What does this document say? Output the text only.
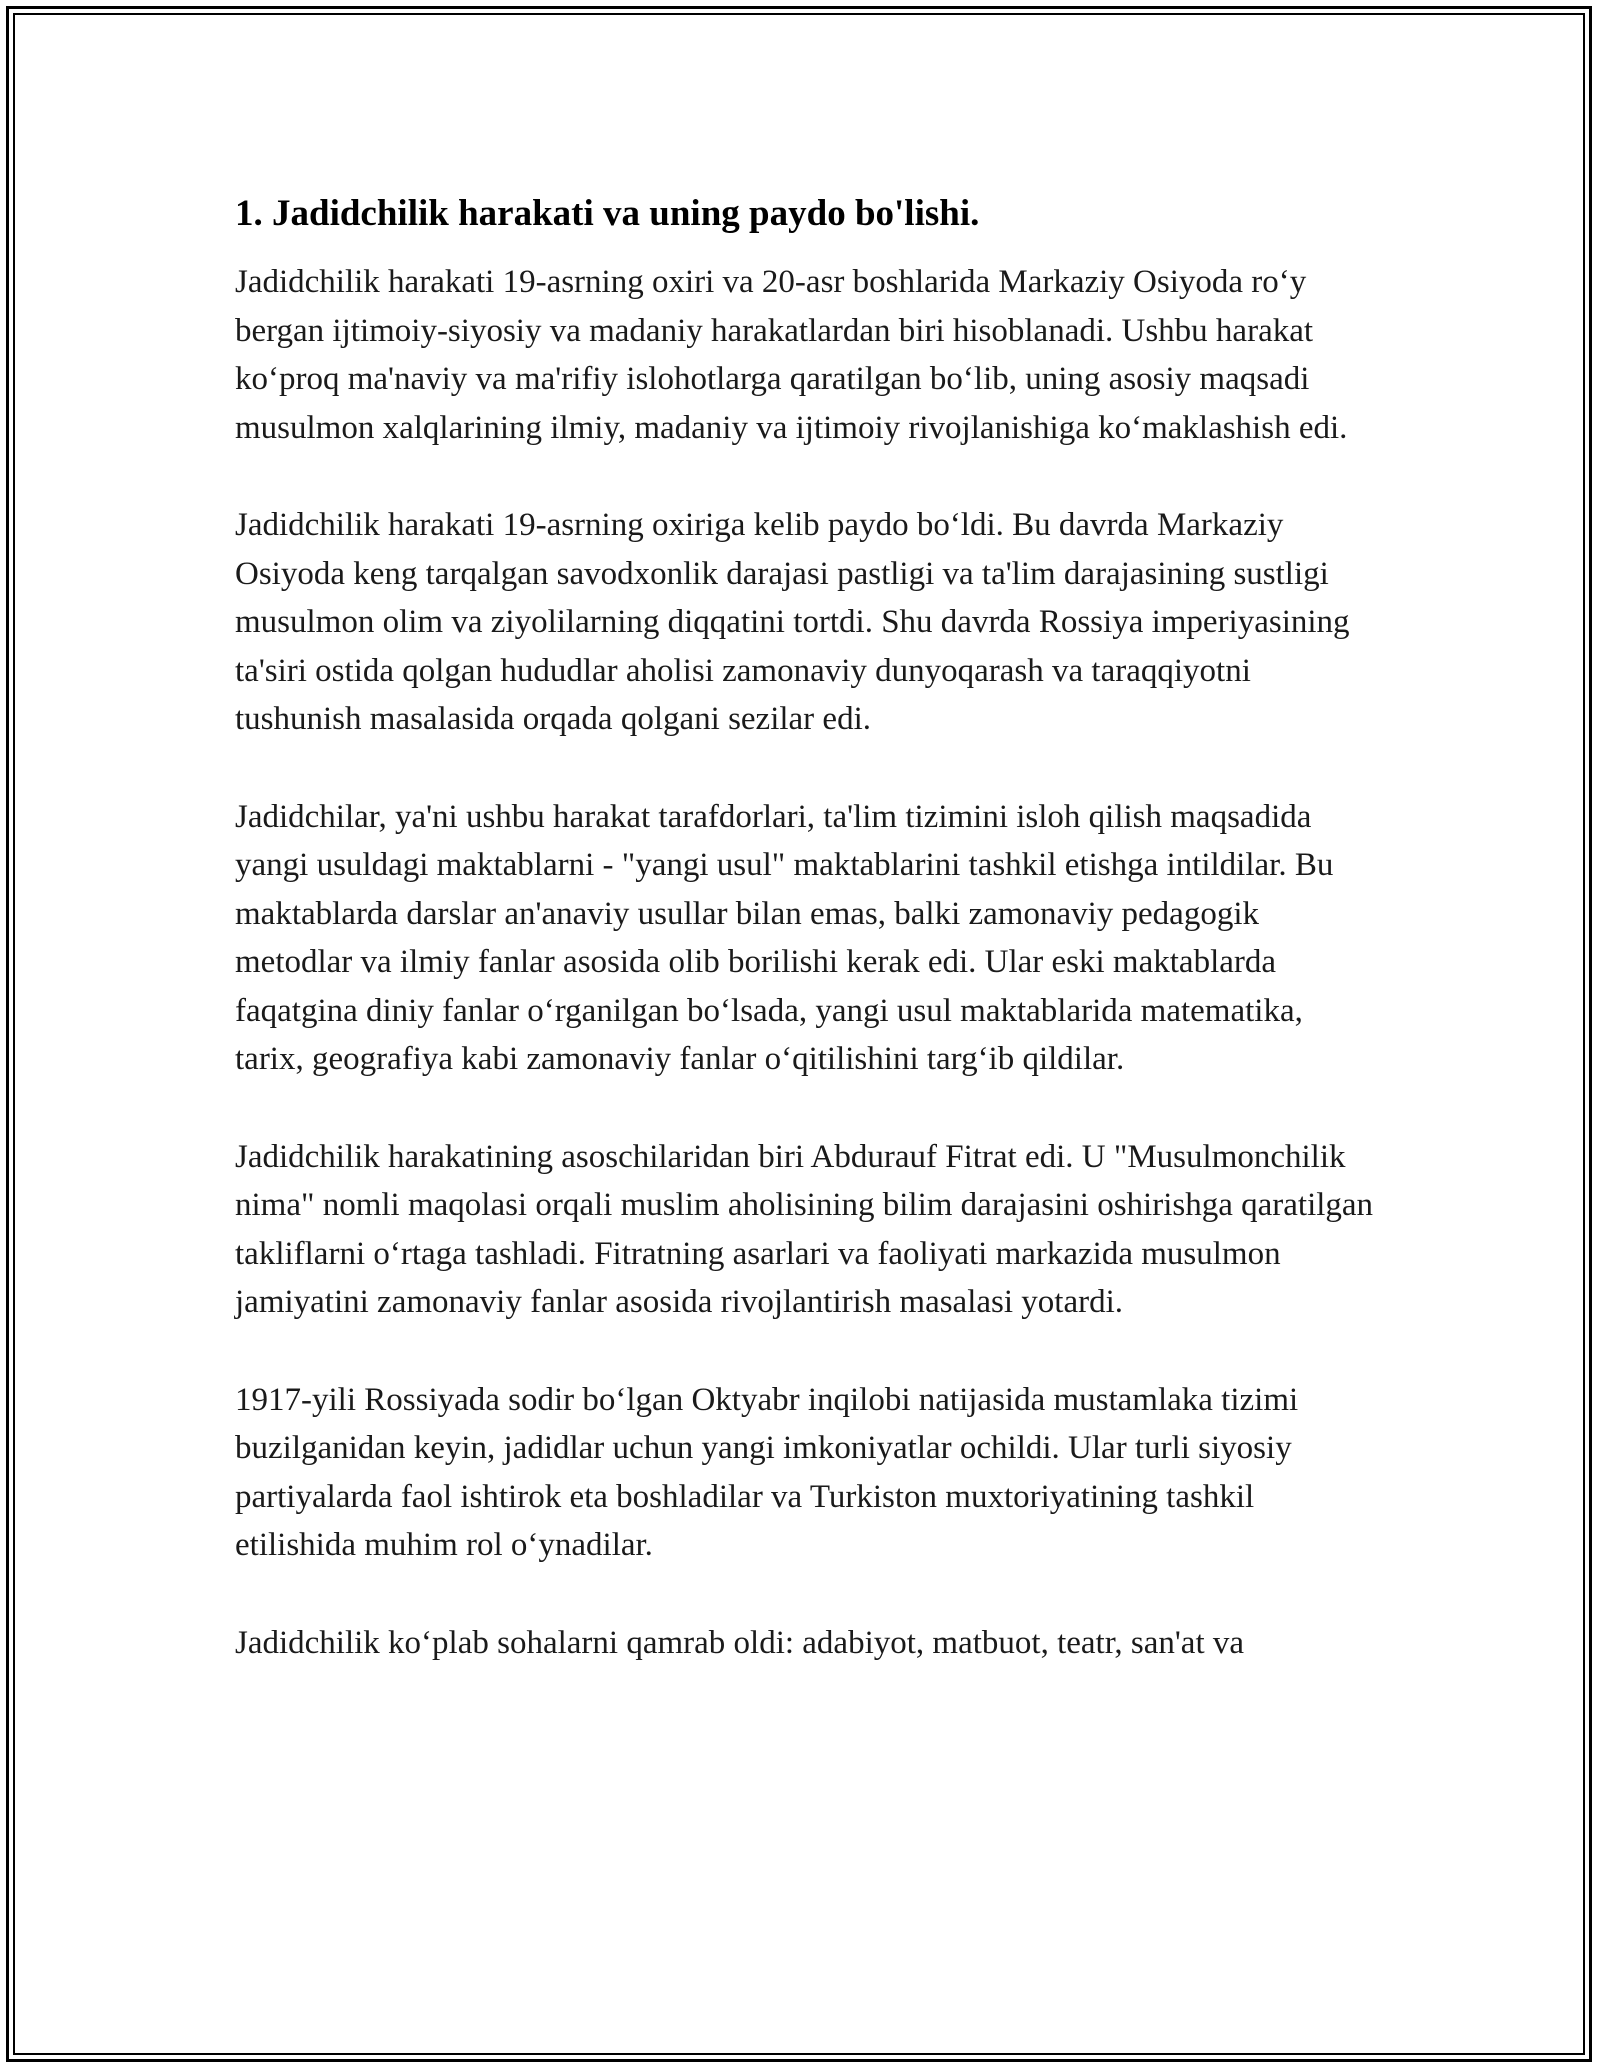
1. Jadidchilik harakati va uning paydo bo'lishi.

Jadidchilik harakati 19-asrning oxiri va 20-asr boshlarida Markaziy Osiyoda roʻy bergan ijtimoiy-siyosiy va madaniy harakatlardan biri hisoblanadi. Ushbu harakat koʻproq ma'naviy va ma'rifiy islohotlarga qaratilgan boʻlib, uning asosiy maqsadi musulmon xalqlarining ilmiy, madaniy va ijtimoiy rivojlanishiga koʻmaklashish edi.

Jadidchilik harakati 19-asrning oxiriga kelib paydo boʻldi. Bu davrda Markaziy Osiyoda keng tarqalgan savodxonlik darajasi pastligi va ta'lim darajasining sustligi musulmon olim va ziyolilarning diqqatini tortdi. Shu davrda Rossiya imperiyasining ta'siri ostida qolgan hududlar aholisi zamonaviy dunyoqarash va taraqqiyotni tushunish masalasida orqada qolgani sezilar edi.

Jadidchilar, ya'ni ushbu harakat tarafdorlari, ta'lim tizimini isloh qilish maqsadida yangi usuldagi maktablarni - "yangi usul" maktablarini tashkil etishga intildilar. Bu maktablarda darslar an'anaviy usullar bilan emas, balki zamonaviy pedagogik metodlar va ilmiy fanlar asosida olib borilishi kerak edi. Ular eski maktablarda faqatgina diniy fanlar oʻrganilgan boʻlsada, yangi usul maktablarida matematika, tarix, geografiya kabi zamonaviy fanlar oʻqitilishini targʻib qildilar.

Jadidchilik harakatining asoschilaridan biri Abdurauf Fitrat edi. U "Musulmonchilik nima" nomli maqolasi orqali muslim aholisining bilim darajasini oshirishga qaratilgan takliflarni oʻrtaga tashladi. Fitratning asarlari va faoliyati markazida musulmon jamiyatini zamonaviy fanlar asosida rivojlantirish masalasi yotardi.

1917-yili Rossiyada sodir boʻlgan Oktyabr inqilobi natijasida mustamlaka tizimi buzilganidan keyin, jadidlar uchun yangi imkoniyatlar ochildi. Ular turli siyosiy partiyalarda faol ishtirok eta boshladilar va Turkiston muxtoriyatining tashkil etilishida muhim rol oʻynadilar.

Jadidchilik koʻplab sohalarni qamrab oldi: adabiyot, matbuot, teatr, san'at va
